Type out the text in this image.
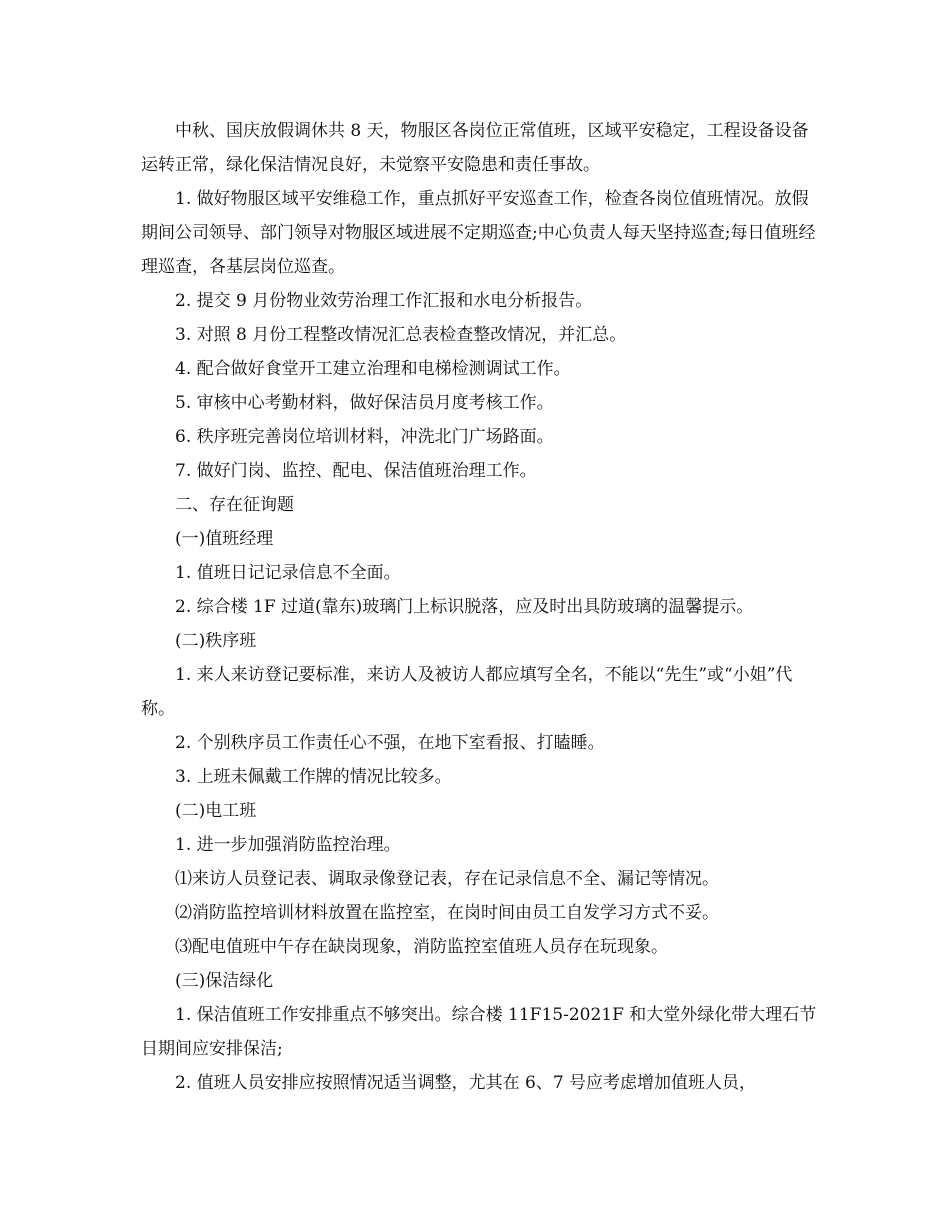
中秋、国庆放假调休共 8 天，物服区各岗位正常值班，区域平安稳定，工程设备设备运转正常，绿化保洁情况良好，未觉察平安隐患和责任事故。

1. 做好物服区域平安维稳工作，重点抓好平安巡查工作，检查各岗位值班情况。放假期间公司领导、部门领导对物服区域进展不定期巡查;中心负责人每天坚持巡查;每日值班经理巡查，各基层岗位巡查。

2. 提交 9 月份物业效劳治理工作汇报和水电分析报告。

3. 对照 8 月份工程整改情况汇总表检查整改情况，并汇总。

4. 配合做好食堂开工建立治理和电梯检测调试工作。

5. 审核中心考勤材料，做好保洁员月度考核工作。

6. 秩序班完善岗位培训材料，冲洗北门广场路面。

7. 做好门岗、监控、配电、保洁值班治理工作。

二、存在征询题

(一)值班经理

1. 值班日记记录信息不全面。

2. 综合楼 1F 过道(靠东)玻璃门上标识脱落，应及时出具防玻璃的温馨提示。

(二)秩序班

1. 来人来访登记要标准，来访人及被访人都应填写全名，不能以“先生”或“小姐”代称。

2. 个别秩序员工作责任心不强，在地下室看报、打瞌睡。

3. 上班未佩戴工作牌的情况比较多。

(二)电工班

1. 进一步加强消防监控治理。

⑴来访人员登记表、调取录像登记表，存在记录信息不全、漏记等情况。

⑵消防监控培训材料放置在监控室，在岗时间由员工自发学习方式不妥。

⑶配电值班中午存在缺岗现象，消防监控室值班人员存在玩现象。

(三)保洁绿化

1. 保洁值班工作安排重点不够突出。综合楼 11F15-2021F 和大堂外绿化带大理石节日期间应安排保洁;

2. 值班人员安排应按照情况适当调整，尤其在 6、7 号应考虑增加值班人员，
